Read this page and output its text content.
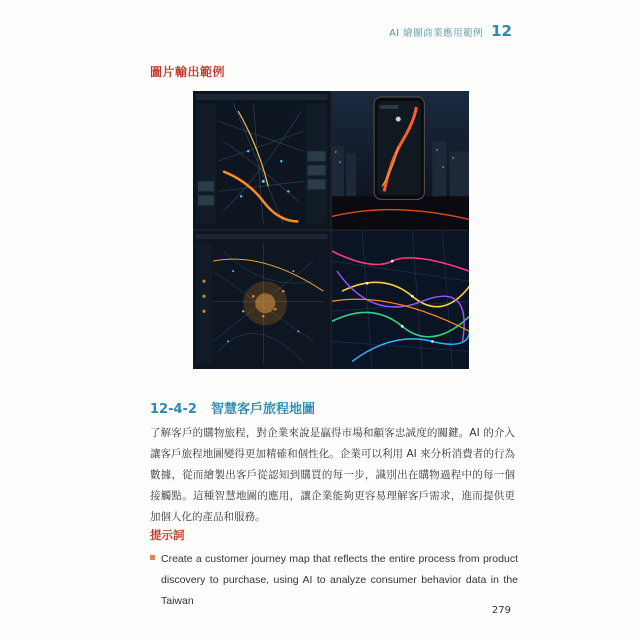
AI 繪圖商業應用範例 12
圖片輸出範例
12-4-2 智慧客戶旅程地圖
了解客戶的購物旅程，對企業來說是贏得市場和顧客忠誠度的關鍵。AI 的介入讓客戶旅程地圖變得更加精確和個性化。企業可以利用 AI 來分析消費者的行為數據，從而繪製出客戶從認知到購買的每一步，識別出在購物過程中的每一個接觸點。這種智慧地圖的應用，讓企業能夠更容易理解客戶需求，進而提供更加個人化的產品和服務。
提示詞
Create a customer journey map that reflects the entire process from product discovery to purchase, using AI to analyze consumer behavior data in the Taiwan
279
